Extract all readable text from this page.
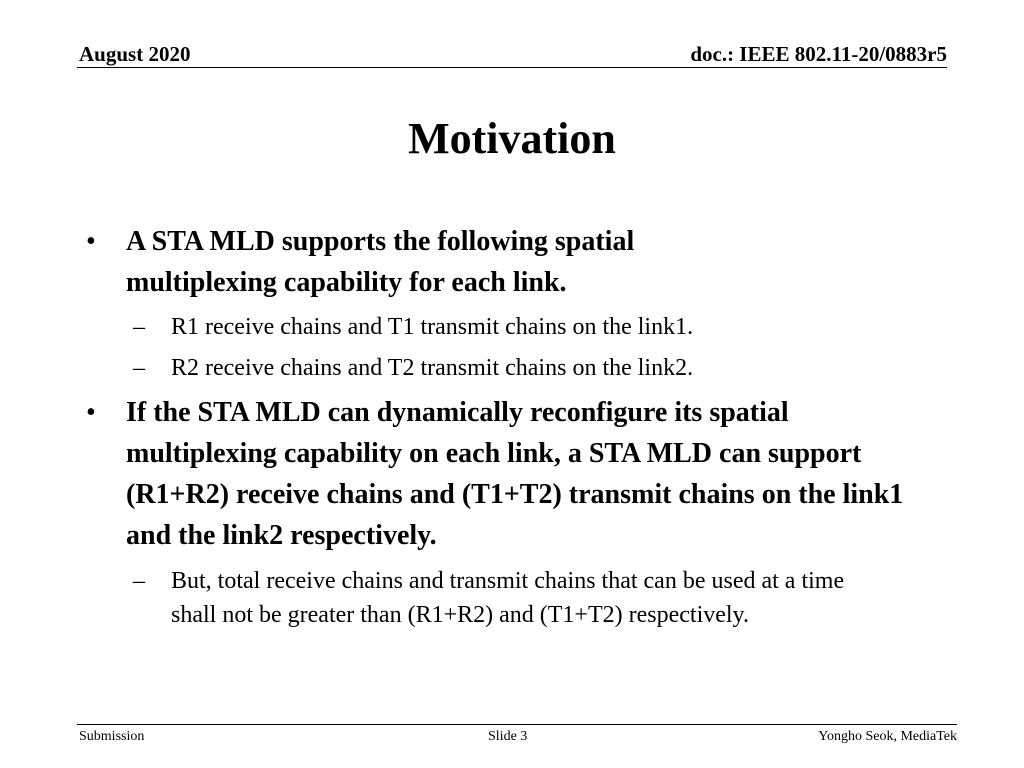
August 2020	doc.: IEEE 802.11-20/0883r5
Motivation
• A STA MLD supports the following spatial multiplexing capability for each link.
– R1 receive chains and T1 transmit chains on the link1.
– R2 receive chains and T2 transmit chains on the link2.
• If the STA MLD can dynamically reconfigure its spatial multiplexing capability on each link, a STA MLD can support (R1+R2) receive chains and (T1+T2) transmit chains on the link1 and the link2 respectively.
– But, total receive chains and transmit chains that can be used at a time shall not be greater than (R1+R2) and (T1+T2) respectively.
Submission	Slide 3	Yongho Seok, MediaTek
